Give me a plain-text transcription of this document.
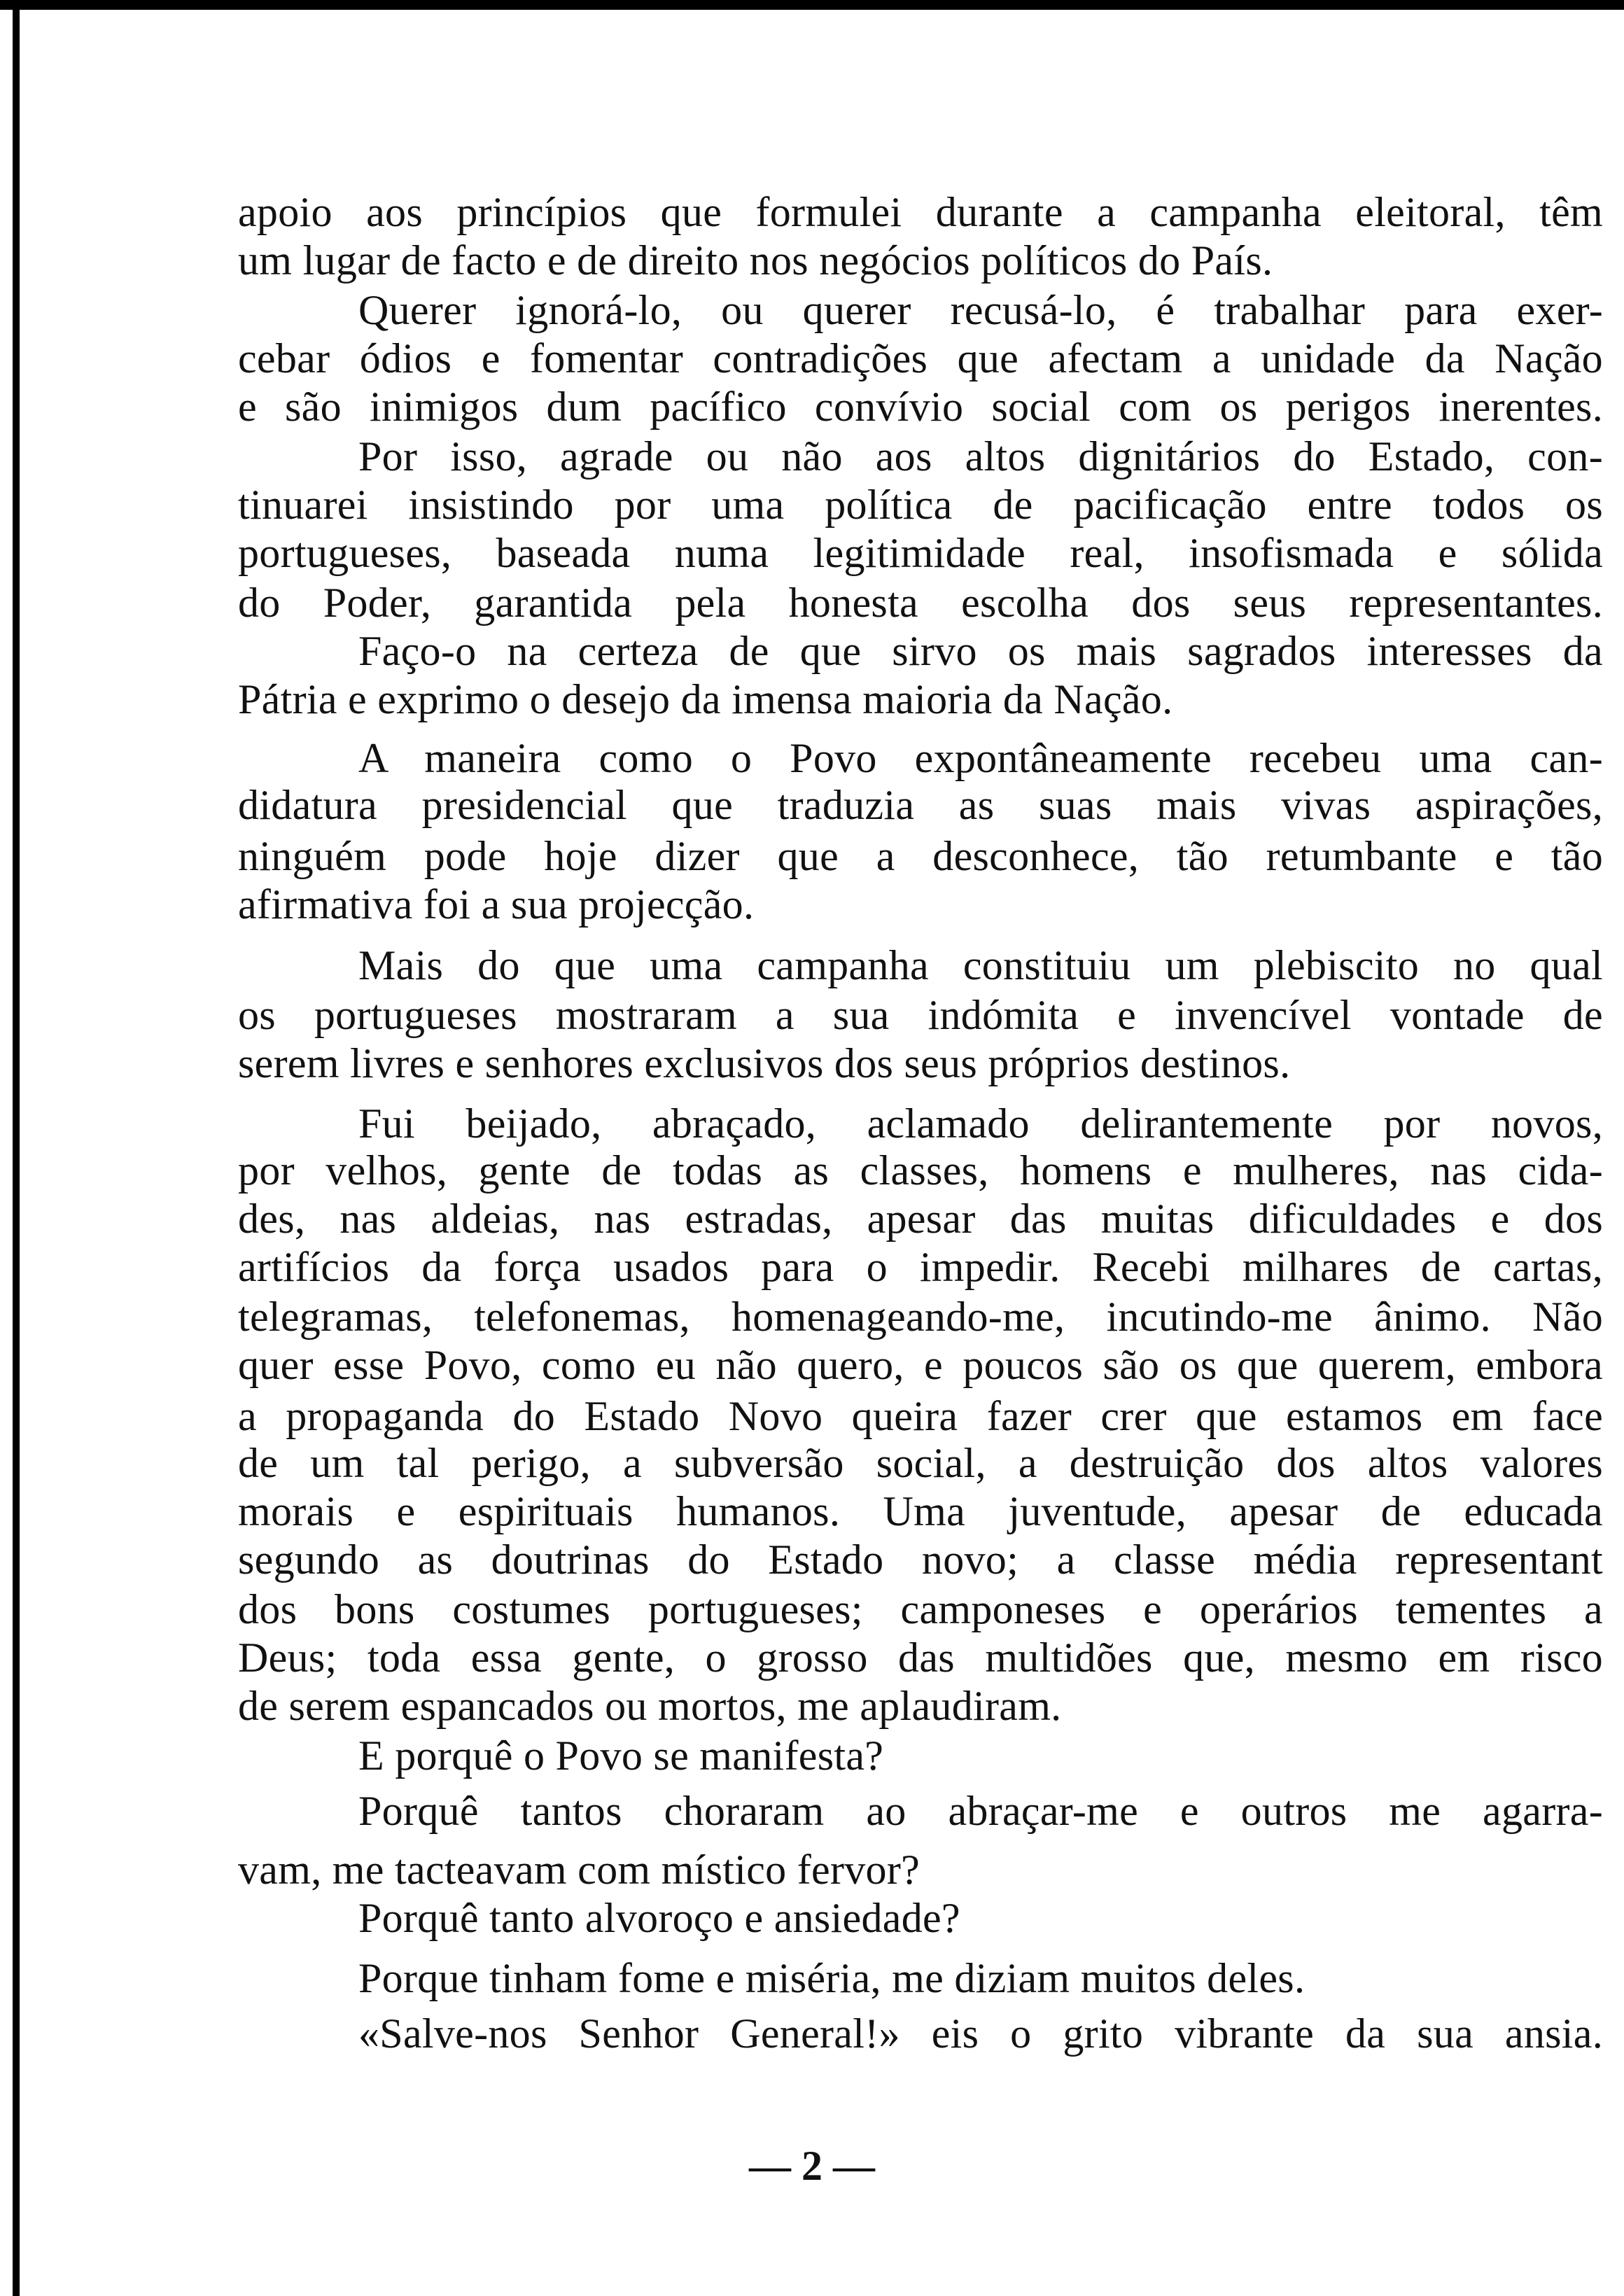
apoio aos princípios que formulei durante a campanha eleitoral, têm
um lugar de facto e de direito nos negócios políticos do País.
Querer ignorá-lo, ou querer recusá-lo, é trabalhar para exer-
cebar ódios e fomentar contradições que afectam a unidade da Nação
e são inimigos dum pacífico convívio social com os perigos inerentes.
Por isso, agrade ou não aos altos dignitários do Estado, con-
tinuarei insistindo por uma política de pacificação entre todos os
portugueses, baseada numa legitimidade real, insofismada e sólida
do Poder, garantida pela honesta escolha dos seus representantes.
Faço-o na certeza de que sirvo os mais sagrados interesses da
Pátria e exprimo o desejo da imensa maioria da Nação.
A maneira como o Povo expontâneamente recebeu uma can-
didatura presidencial que traduzia as suas mais vivas aspirações,
ninguém pode hoje dizer que a desconhece, tão retumbante e tão
afirmativa foi a sua projecção.
Mais do que uma campanha constituiu um plebiscito no qual
os portugueses mostraram a sua indómita e invencível vontade de
serem livres e senhores exclusivos dos seus próprios destinos.
Fui beijado, abraçado, aclamado delirantemente por novos,
por velhos, gente de todas as classes, homens e mulheres, nas cida-
des, nas aldeias, nas estradas, apesar das muitas dificuldades e dos
artifícios da força usados para o impedir. Recebi milhares de cartas,
telegramas, telefonemas, homenageando-me, incutindo-me ânimo. Não
quer esse Povo, como eu não quero, e poucos são os que querem, embora
a propaganda do Estado Novo queira fazer crer que estamos em face
de um tal perigo, a subversão social, a destruição dos altos valores
morais e espirituais humanos. Uma juventude, apesar de educada
segundo as doutrinas do Estado novo; a classe média representant
dos bons costumes portugueses; camponeses e operários tementes a
Deus; toda essa gente, o grosso das multidões que, mesmo em risco
de serem espancados ou mortos, me aplaudiram.
E porquê o Povo se manifesta?
Porquê tantos choraram ao abraçar-me e outros me agarra-
vam, me tacteavam com místico fervor?
Porquê tanto alvoroço e ansiedade?
Porque tinham fome e miséria, me diziam muitos deles.
«Salve-nos Senhor General!» eis o grito vibrante da sua ansia.
— 2 —
